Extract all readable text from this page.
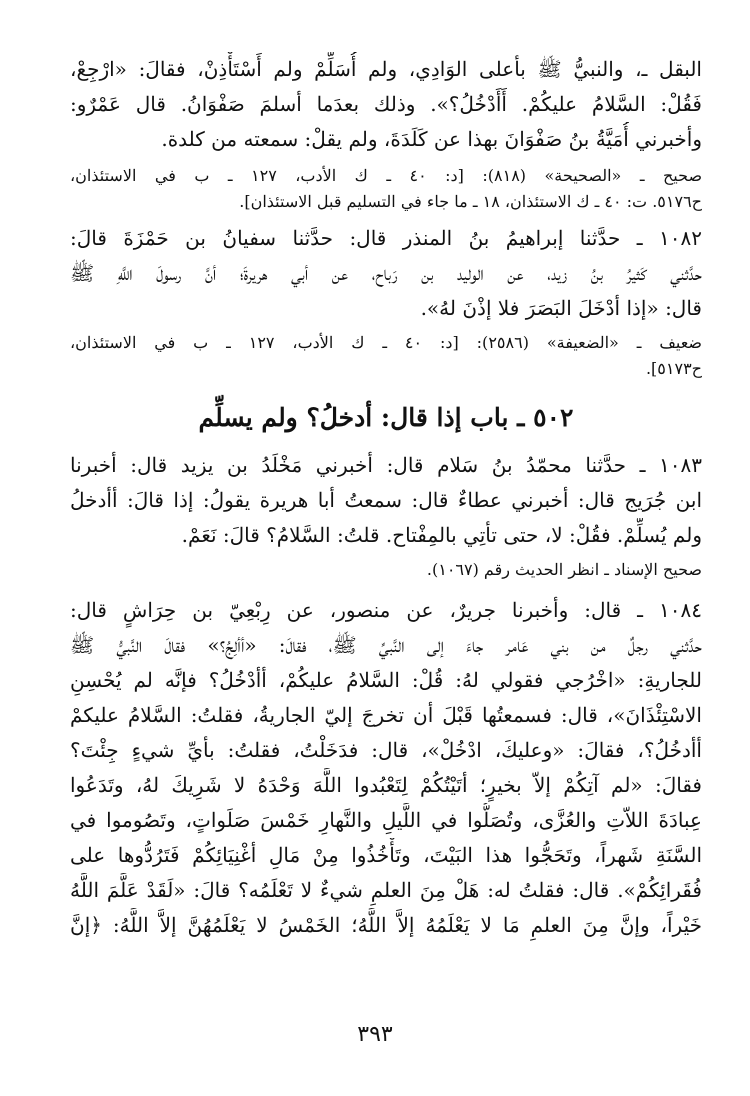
البقل ـ، والنبيُّ ﷺ بأعلى الوَادِي، ولم أُسَلِّمْ ولم أَسْتَأْذِنْ، فقالَ: «ارْجِعْ،
فَقُلْ: السَّلامُ عليكُمْ. أَأَدْخُلُ؟». وذلك بعدَما أسلمَ صَفْوَانُ. قال عَمْرٌو:
وأخبرني أُمَيَّةُ بنُ صَفْوَانَ بهذا عن كَلَدَةَ، ولم يقلْ: سمعته من كلدة.
صحيح ـ «الصحيحة» (٨١٨): [د: ٤٠ ـ ك الأدب، ١٢٧ ـ ب في الاستئذان،
ح٥١٧٦. ت: ٤٠ ـ ك الاستئذان، ١٨ ـ ما جاء في التسليم قبل الاستئذان].
١٠٨٢ ـ حدَّثنا إبراهيمُ بنُ المنذر قال: حدَّثنا سفيانُ بن حَمْزَةَ قالَ:
حدَّثني كَثيرُ بنُ زيد، عن الوليد بن رَباح، عن أبي هريرةَ؛ أنَّ رسولَ اللَّهِ ﷺ
قال: «إذا أدْخَلَ البَصَرَ فلا إذْنَ لهُ».
ضعيف ـ «الضعيفة» (٢٥٨٦): [د: ٤٠ ـ ك الأدب، ١٢٧ ـ ب في الاستئذان،
ح٥١٧٣].
٥٠٢ ـ باب إذا قال: أدخلُ؟ ولم يسلِّم
١٠٨٣ ـ حدَّثنا محمّدُ بنُ سَلام قال: أخبرني مَخْلَدُ بن يزيد قال: أخبرنا
ابن جُرَيج قال: أخبرني عطاءٌ قال: سمعتُ أبا هريرة يقولُ: إذا قالَ: أأدخلُ
ولم يُسلِّمْ. فقُلْ: لا، حتى تأتِي بالمِفْتاح. قلتُ: السَّلامُ؟ قالَ: نَعَمْ.
صحيح الإسناد ـ انظر الحديث رقم (١٠٦٧).
١٠٨٤ ـ قال: وأخبرنا جريرٌ، عن منصور، عن رِبْعِيّ بن حِرَاشٍ قال:
حدَّثني رجلٌ من بني عَامر جاءَ إلى النَّبيِّ ﷺ، فقالَ: «أألِجُ؟» فقالَ النَّبيُّ ﷺ
للجاريةِ: «اخْرُجي فقولي لهُ: قُلْ: السَّلامُ عليكُمْ، أأدْخُلُ؟ فإنَّه لم يُحْسِنِ
الاسْتِئْذَانَ»، قال: فسمعتُها قَبْلَ أن تخرجَ إليّ الجاريةُ، فقلتُ: السَّلامُ عليكمْ
أأدخُلُ؟، فقالَ: «وعليكَ، ادْخُلْ»، قال: فدَخَلْتُ، فقلتُ: بأيِّ شيءٍ جِئْتَ؟
فقالَ: «لم آتِكُمْ إلاّ بخيرٍ؛ أتَيْتُكُمْ لِتَعْبُدوا اللَّهَ وَحْدَهُ لا شَرِيكَ لهُ، وتَدَعُوا
عِبادَةَ اللاّتِ والعُزَّى، وتُصَلُّوا في اللَّيلِ والنَّهارِ خَمْسَ صَلَواتٍ، وتَصُوموا في
السَّنَةِ شَهراً، وتَحَجُّوا هذا البَيْتَ، وتَأْخُذُوا مِنْ مَالِ أغْنِيَائِكُمْ فَتَرُدُّوها على
فُقَرائِكُمْ». قال: فقلتُ له: هَلْ مِنَ العلمِ شيءٌ لا تَعْلَمُه؟ قالَ: «لَقَدْ عَلَّمَ اللَّهُ
خَيْراً، وإنَّ مِنَ العلمِ مَا لا يَعْلَمُهُ إلاَّ اللَّهُ؛ الخَمْسُ لا يَعْلَمُهُنَّ إلاَّ اللَّهُ: ﴿إنَّ
٣٩٣
